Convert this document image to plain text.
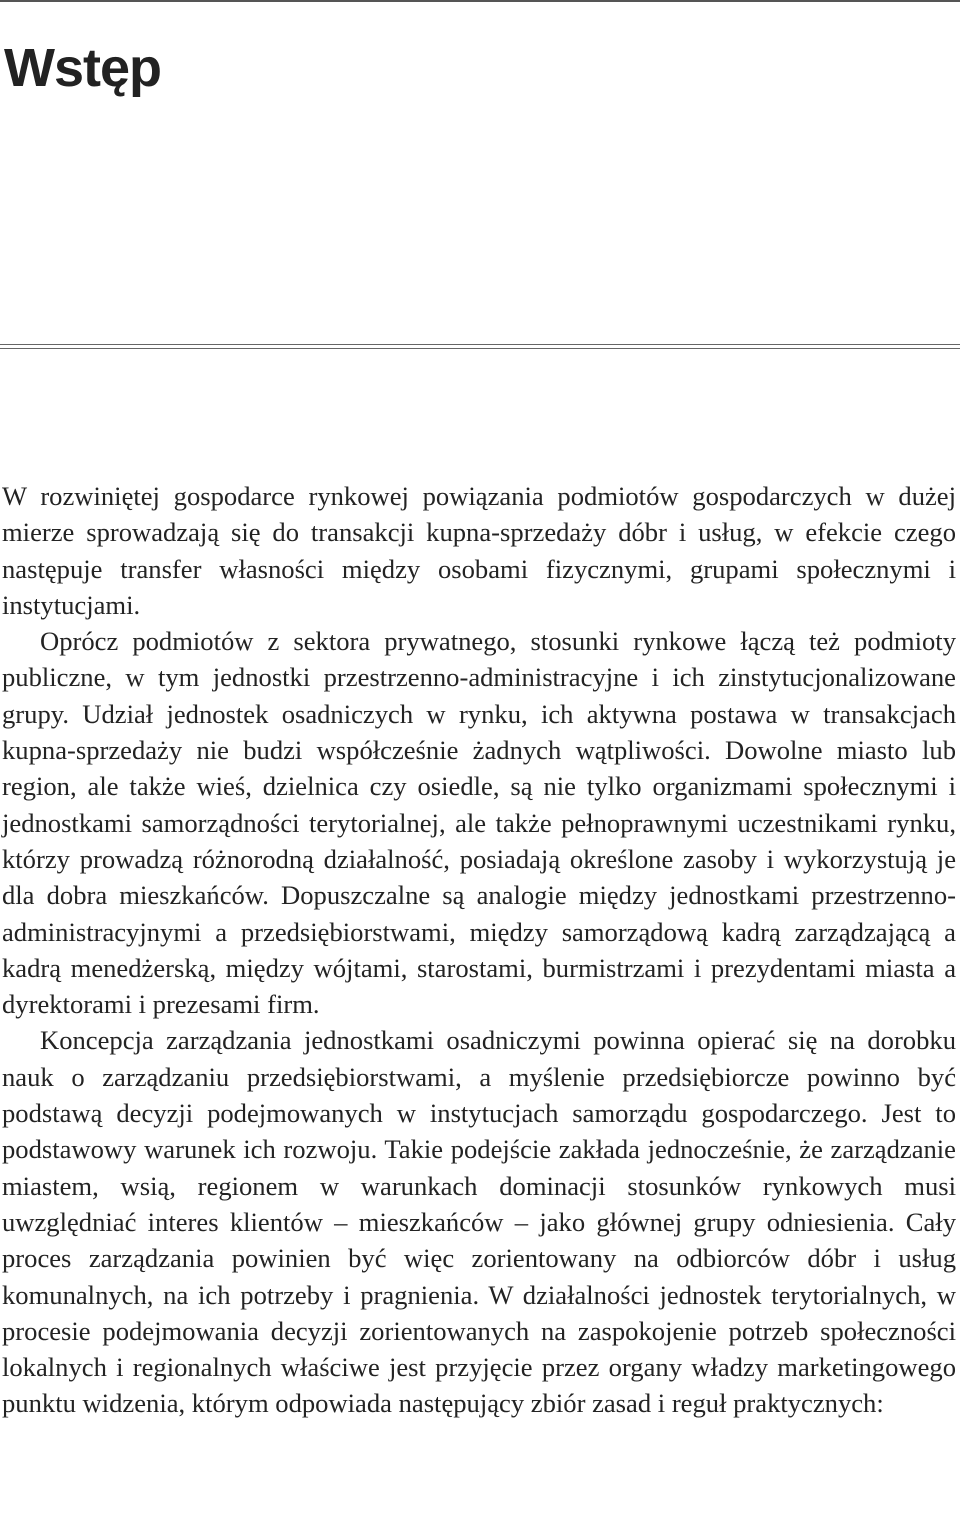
Wstęp

W rozwiniętej gospodarce rynkowej powiązania podmiotów gospodarczych w dużej mierze sprowadzają się do transakcji kupna-sprzedaży dóbr i usług, w efekcie czego następuje transfer własności między osobami fizycznymi, grupami społecznymi i instytucjami.

Oprócz podmiotów z sektora prywatnego, stosunki rynkowe łączą też podmioty publiczne, w tym jednostki przestrzenno-administracyjne i ich zinstytucjonalizowane grupy. Udział jednostek osadniczych w rynku, ich aktywna postawa w transakcjach kupna-sprzedaży nie budzi współcześnie żadnych wątpliwości. Dowolne miasto lub region, ale także wieś, dzielnica czy osiedle, są nie tylko organizmami społecznymi i jednostkami samorządności terytorialnej, ale także pełnoprawnymi uczestnikami rynku, którzy prowadzą różnorodną działalność, posiadają określone zasoby i wykorzystują je dla dobra mieszkańców. Dopuszczalne są analogie między jednostkami przestrzenno-administracyjnymi a przedsiębiorstwami, między samorządową kadrą zarządzającą a kadrą menedżerską, między wójtami, starostami, burmistrzami i prezydentami miasta a dyrektorami i prezesami firm.

Koncepcja zarządzania jednostkami osadniczymi powinna opierać się na dorobku nauk o zarządzaniu przedsiębiorstwami, a myślenie przedsiębiorcze powinno być podstawą decyzji podejmowanych w instytucjach samorządu gospodarczego. Jest to podstawowy warunek ich rozwoju. Takie podejście zakłada jednocześnie, że zarządzanie miastem, wsią, regionem w warunkach dominacji stosunków rynkowych musi uwzględniać interes klientów – mieszkańców – jako głównej grupy odniesienia. Cały proces zarządzania powinien być więc zorientowany na odbiorców dóbr i usług komunalnych, na ich potrzeby i pragnienia. W działalności jednostek terytorialnych, w procesie podejmowania decyzji zorientowanych na zaspokojenie potrzeb społeczności lokalnych i regionalnych właściwe jest przyjęcie przez organy władzy marketingowego punktu widzenia, którym odpowiada następujący zbiór zasad i reguł praktycznych:
